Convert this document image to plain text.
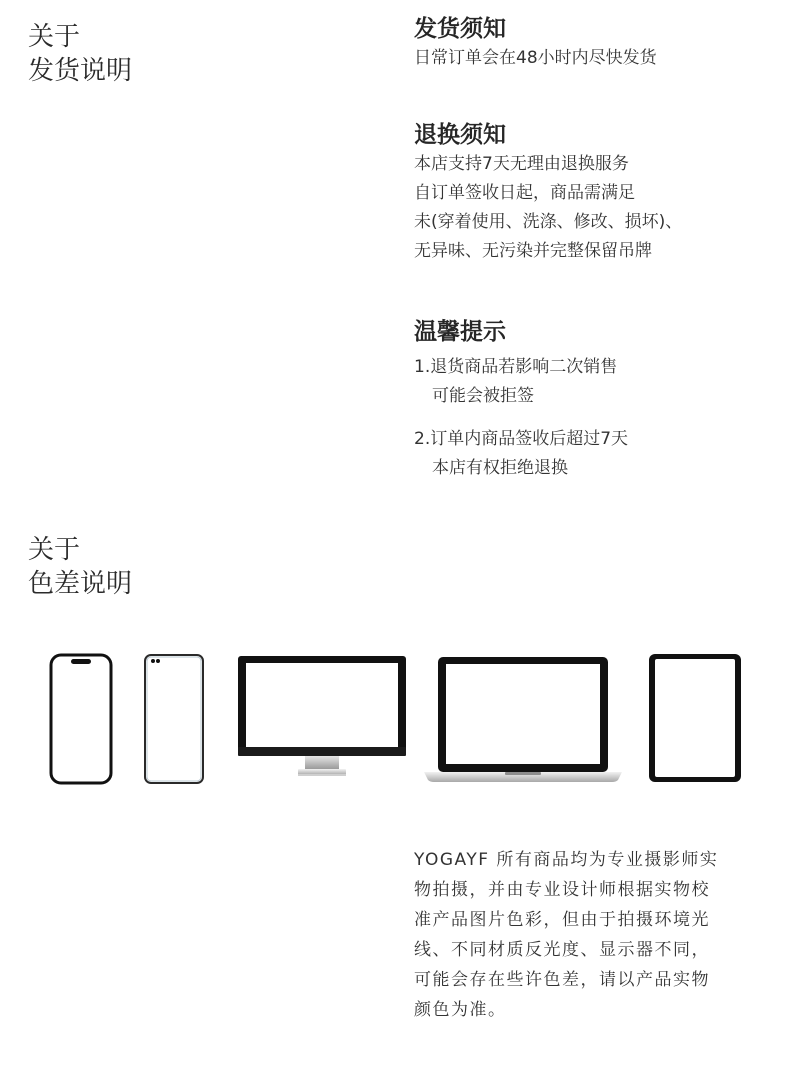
关于
发货说明
发货须知
日常订单会在48小时内尽快发货
退换须知
本店支持7天无理由退换服务
自订单签收日起，商品需满足
未(穿着使用、洗涤、修改、损坏)、
无异味、无污染并完整保留吊牌
温馨提示
1.退货商品若影响二次销售
可能会被拒签
2.订单内商品签收后超过7天
本店有权拒绝退换
关于
色差说明
YOGAYF 所有商品均为专业摄影师实
物拍摄，并由专业设计师根据实物校
准产品图片色彩，但由于拍摄环境光
线、不同材质反光度、显示器不同，
可能会存在些许色差，请以产品实物
颜色为准。
